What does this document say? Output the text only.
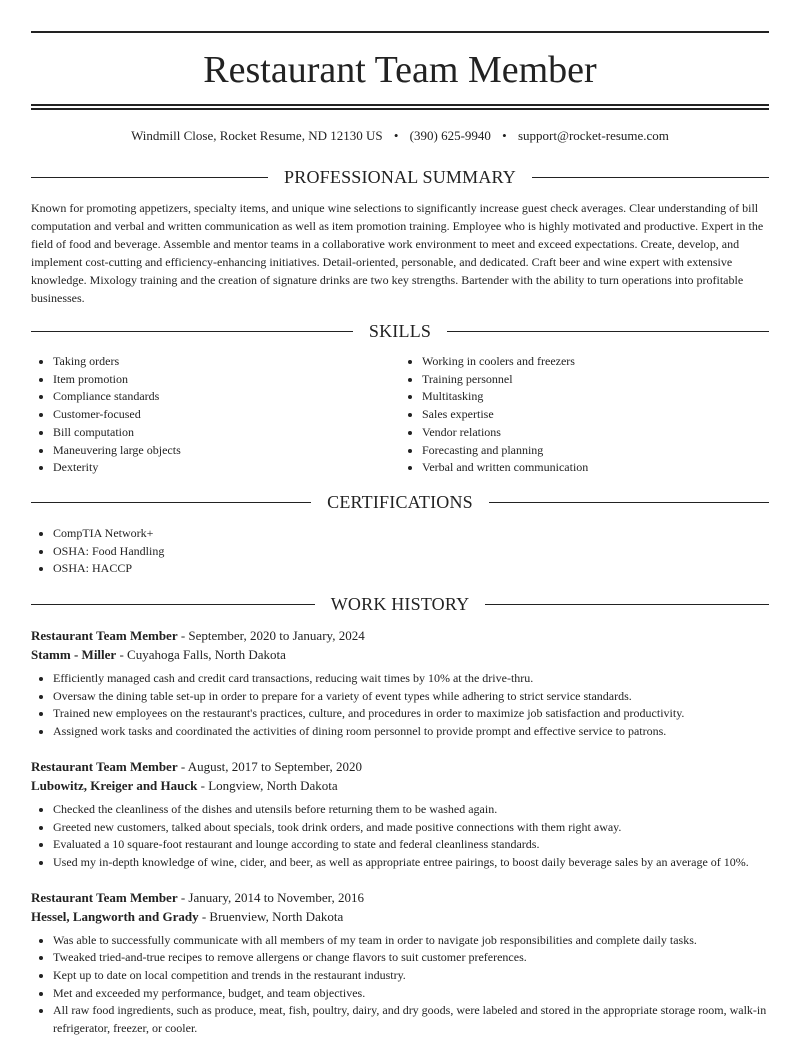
Restaurant Team Member
Windmill Close, Rocket Resume, ND 12130 US • (390) 625-9940 • support@rocket-resume.com
PROFESSIONAL SUMMARY

Known for promoting appetizers, specialty items, and unique wine selections to significantly increase guest check averages. Clear understanding of bill computation and verbal and written communication as well as item promotion training. Employee who is highly motivated and productive. Expert in the field of food and beverage. Assemble and mentor teams in a collaborative work environment to meet and exceed expectations. Create, develop, and implement cost-cutting and efficiency-enhancing initiatives. Detail-oriented, personable, and dedicated. Craft beer and wine expert with extensive knowledge. Mixology training and the creation of signature drinks are two key strengths. Bartender with the ability to turn operations into profitable businesses.

SKILLS
• Taking orders
• Item promotion
• Compliance standards
• Customer-focused
• Bill computation
• Maneuvering large objects
• Dexterity
• Working in coolers and freezers
• Training personnel
• Multitasking
• Sales expertise
• Vendor relations
• Forecasting and planning
• Verbal and written communication
CERTIFICATIONS
• CompTIA Network+
• OSHA: Food Handling
• OSHA: HACCP
WORK HISTORY
Restaurant Team Member - September, 2020 to January, 2024
Stamm - Miller - Cuyahoga Falls, North Dakota
• Efficiently managed cash and credit card transactions, reducing wait times by 10% at the drive-thru.
• Oversaw the dining table set-up in order to prepare for a variety of event types while adhering to strict service standards.
• Trained new employees on the restaurant's practices, culture, and procedures in order to maximize job satisfaction and productivity.
• Assigned work tasks and coordinated the activities of dining room personnel to provide prompt and effective service to patrons.
Restaurant Team Member - August, 2017 to September, 2020
Lubowitz, Kreiger and Hauck - Longview, North Dakota
• Checked the cleanliness of the dishes and utensils before returning them to be washed again.
• Greeted new customers, talked about specials, took drink orders, and made positive connections with them right away.
• Evaluated a 10 square-foot restaurant and lounge according to state and federal cleanliness standards.
• Used my in-depth knowledge of wine, cider, and beer, as well as appropriate entree pairings, to boost daily beverage sales by an average of 10%.
Restaurant Team Member - January, 2014 to November, 2016
Hessel, Langworth and Grady - Bruenview, North Dakota
• Was able to successfully communicate with all members of my team in order to navigate job responsibilities and complete daily tasks.
• Tweaked tried-and-true recipes to remove allergens or change flavors to suit customer preferences.
• Kept up to date on local competition and trends in the restaurant industry.
• Met and exceeded my performance, budget, and team objectives.
• All raw food ingredients, such as produce, meat, fish, poultry, dairy, and dry goods, were labeled and stored in the appropriate storage room, walk-in refrigerator, freezer, or cooler.
